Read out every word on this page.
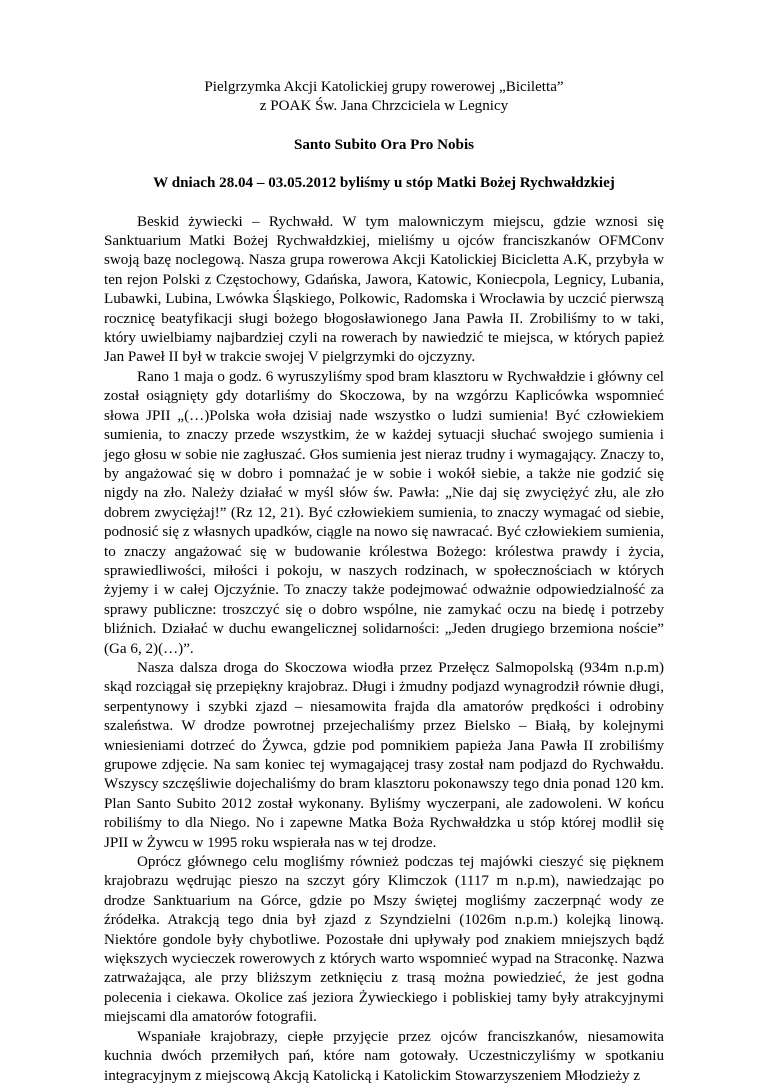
Pielgrzymka Akcji Katolickiej grupy rowerowej „Biciletta”

z POAK Św. Jana Chrzciciela w Legnicy

Santo Subito Ora Pro Nobis

W dniach 28.04 – 03.05.2012 byliśmy u stóp Matki Bożej Rychwałdzkiej

Beskid żywiecki – Rychwałd. W tym malowniczym miejscu, gdzie wznosi się Sanktuarium Matki Bożej Rychwałdzkiej, mieliśmy u ojców franciszkanów OFMConv swoją bazę noclegową. Nasza grupa rowerowa Akcji Katolickiej Bicicletta A.K, przybyła w ten rejon Polski z Częstochowy, Gdańska, Jawora, Katowic, Koniecpola, Legnicy, Lubania, Lubawki, Lubina, Lwówka Śląskiego, Polkowic, Radomska i Wrocławia by uczcić pierwszą rocznicę beatyfikacji sługi bożego błogosławionego Jana Pawła II. Zrobiliśmy to w taki, który uwielbiamy najbardziej czyli na rowerach by nawiedzić te miejsca, w których papież Jan Paweł II był w trakcie swojej V pielgrzymki do ojczyzny.

Rano 1 maja o godz. 6 wyruszyliśmy spod bram klasztoru w Rychwałdzie i główny cel został osiągnięty gdy dotarliśmy do Skoczowa, by na wzgórzu Kaplicówka wspomnieć słowa JPII „(…)Polska woła dzisiaj nade wszystko o ludzi sumienia! Być człowiekiem sumienia, to znaczy przede wszystkim, że w każdej sytuacji słuchać swojego sumienia i jego głosu w sobie nie zagłuszać. Głos sumienia jest nieraz trudny i wymagający. Znaczy to, by angażować się w dobro i pomnażać je w sobie i wokół siebie, a także nie godzić się nigdy na zło. Należy działać w myśl słów św. Pawła: „Nie daj się zwyciężyć złu, ale zło dobrem zwyciężaj!” (Rz 12, 21). Być człowiekiem sumienia, to znaczy wymagać od siebie, podnosić się z własnych upadków, ciągle na nowo się nawracać. Być człowiekiem sumienia, to znaczy angażować się w budowanie królestwa Bożego: królestwa prawdy i życia, sprawiedliwości, miłości i pokoju, w naszych rodzinach, w społecznościach w których żyjemy i w całej Ojczyźnie. To znaczy także podejmować odważnie odpowiedzialność za sprawy publiczne: troszczyć się o dobro wspólne, nie zamykać oczu na biedę i potrzeby bliźnich. Działać w duchu ewangelicznej solidarności: „Jeden drugiego brzemiona noście” (Ga 6, 2)(…)”.

Nasza dalsza droga do Skoczowa wiodła przez Przełęcz Salmopolską (934m n.p.m) skąd rozciągał się przepiękny krajobraz. Długi i żmudny podjazd wynagrodził równie długi, serpentynowy i szybki zjazd – niesamowita frajda dla amatorów prędkości i odrobiny szaleństwa. W drodze powrotnej przejechaliśmy przez Bielsko – Białą, by kolejnymi wniesieniami dotrzeć do Żywca, gdzie pod pomnikiem papieża Jana Pawła II zrobiliśmy grupowe zdjęcie. Na sam koniec tej wymagającej trasy został nam podjazd do Rychwałdu. Wszyscy szczęśliwie dojechaliśmy do bram klasztoru pokonawszy tego dnia ponad 120 km. Plan Santo Subito 2012 został wykonany. Byliśmy wyczerpani, ale zadowoleni. W końcu robiliśmy to dla Niego. No i zapewne Matka Boża Rychwałdzka u stóp której modlił się JPII w Żywcu w 1995 roku wspierała nas w tej drodze.

Oprócz głównego celu mogliśmy również podczas tej majówki cieszyć się pięknem krajobrazu wędrując pieszo na szczyt góry Klimczok (1117 m n.p.m), nawiedzając po drodze Sanktuarium na Górce, gdzie po Mszy świętej mogliśmy zaczerpnąć wody ze źródełka. Atrakcją tego dnia był zjazd z Szyndzielni (1026m n.p.m.) kolejką linową. Niektóre gondole były chybotliwe. Pozostałe dni upływały pod znakiem mniejszych bądź większych wycieczek rowerowych z których warto wspomnieć wypad na Straconkę. Nazwa zatrważająca, ale przy bliższym zetknięciu z trasą można powiedzieć, że jest godna polecenia i ciekawa. Okolice zaś jeziora Żywieckiego i pobliskiej tamy były atrakcyjnymi miejscami dla amatorów fotografii.

Wspaniałe krajobrazy, ciepłe przyjęcie przez ojców franciszkanów, niesamowita kuchnia dwóch przemiłych pań, które nam gotowały. Uczestniczyliśmy w spotkaniu integracyjnym z miejscową Akcją Katolicką i Katolickim Stowarzyszeniem Młodzieży z
